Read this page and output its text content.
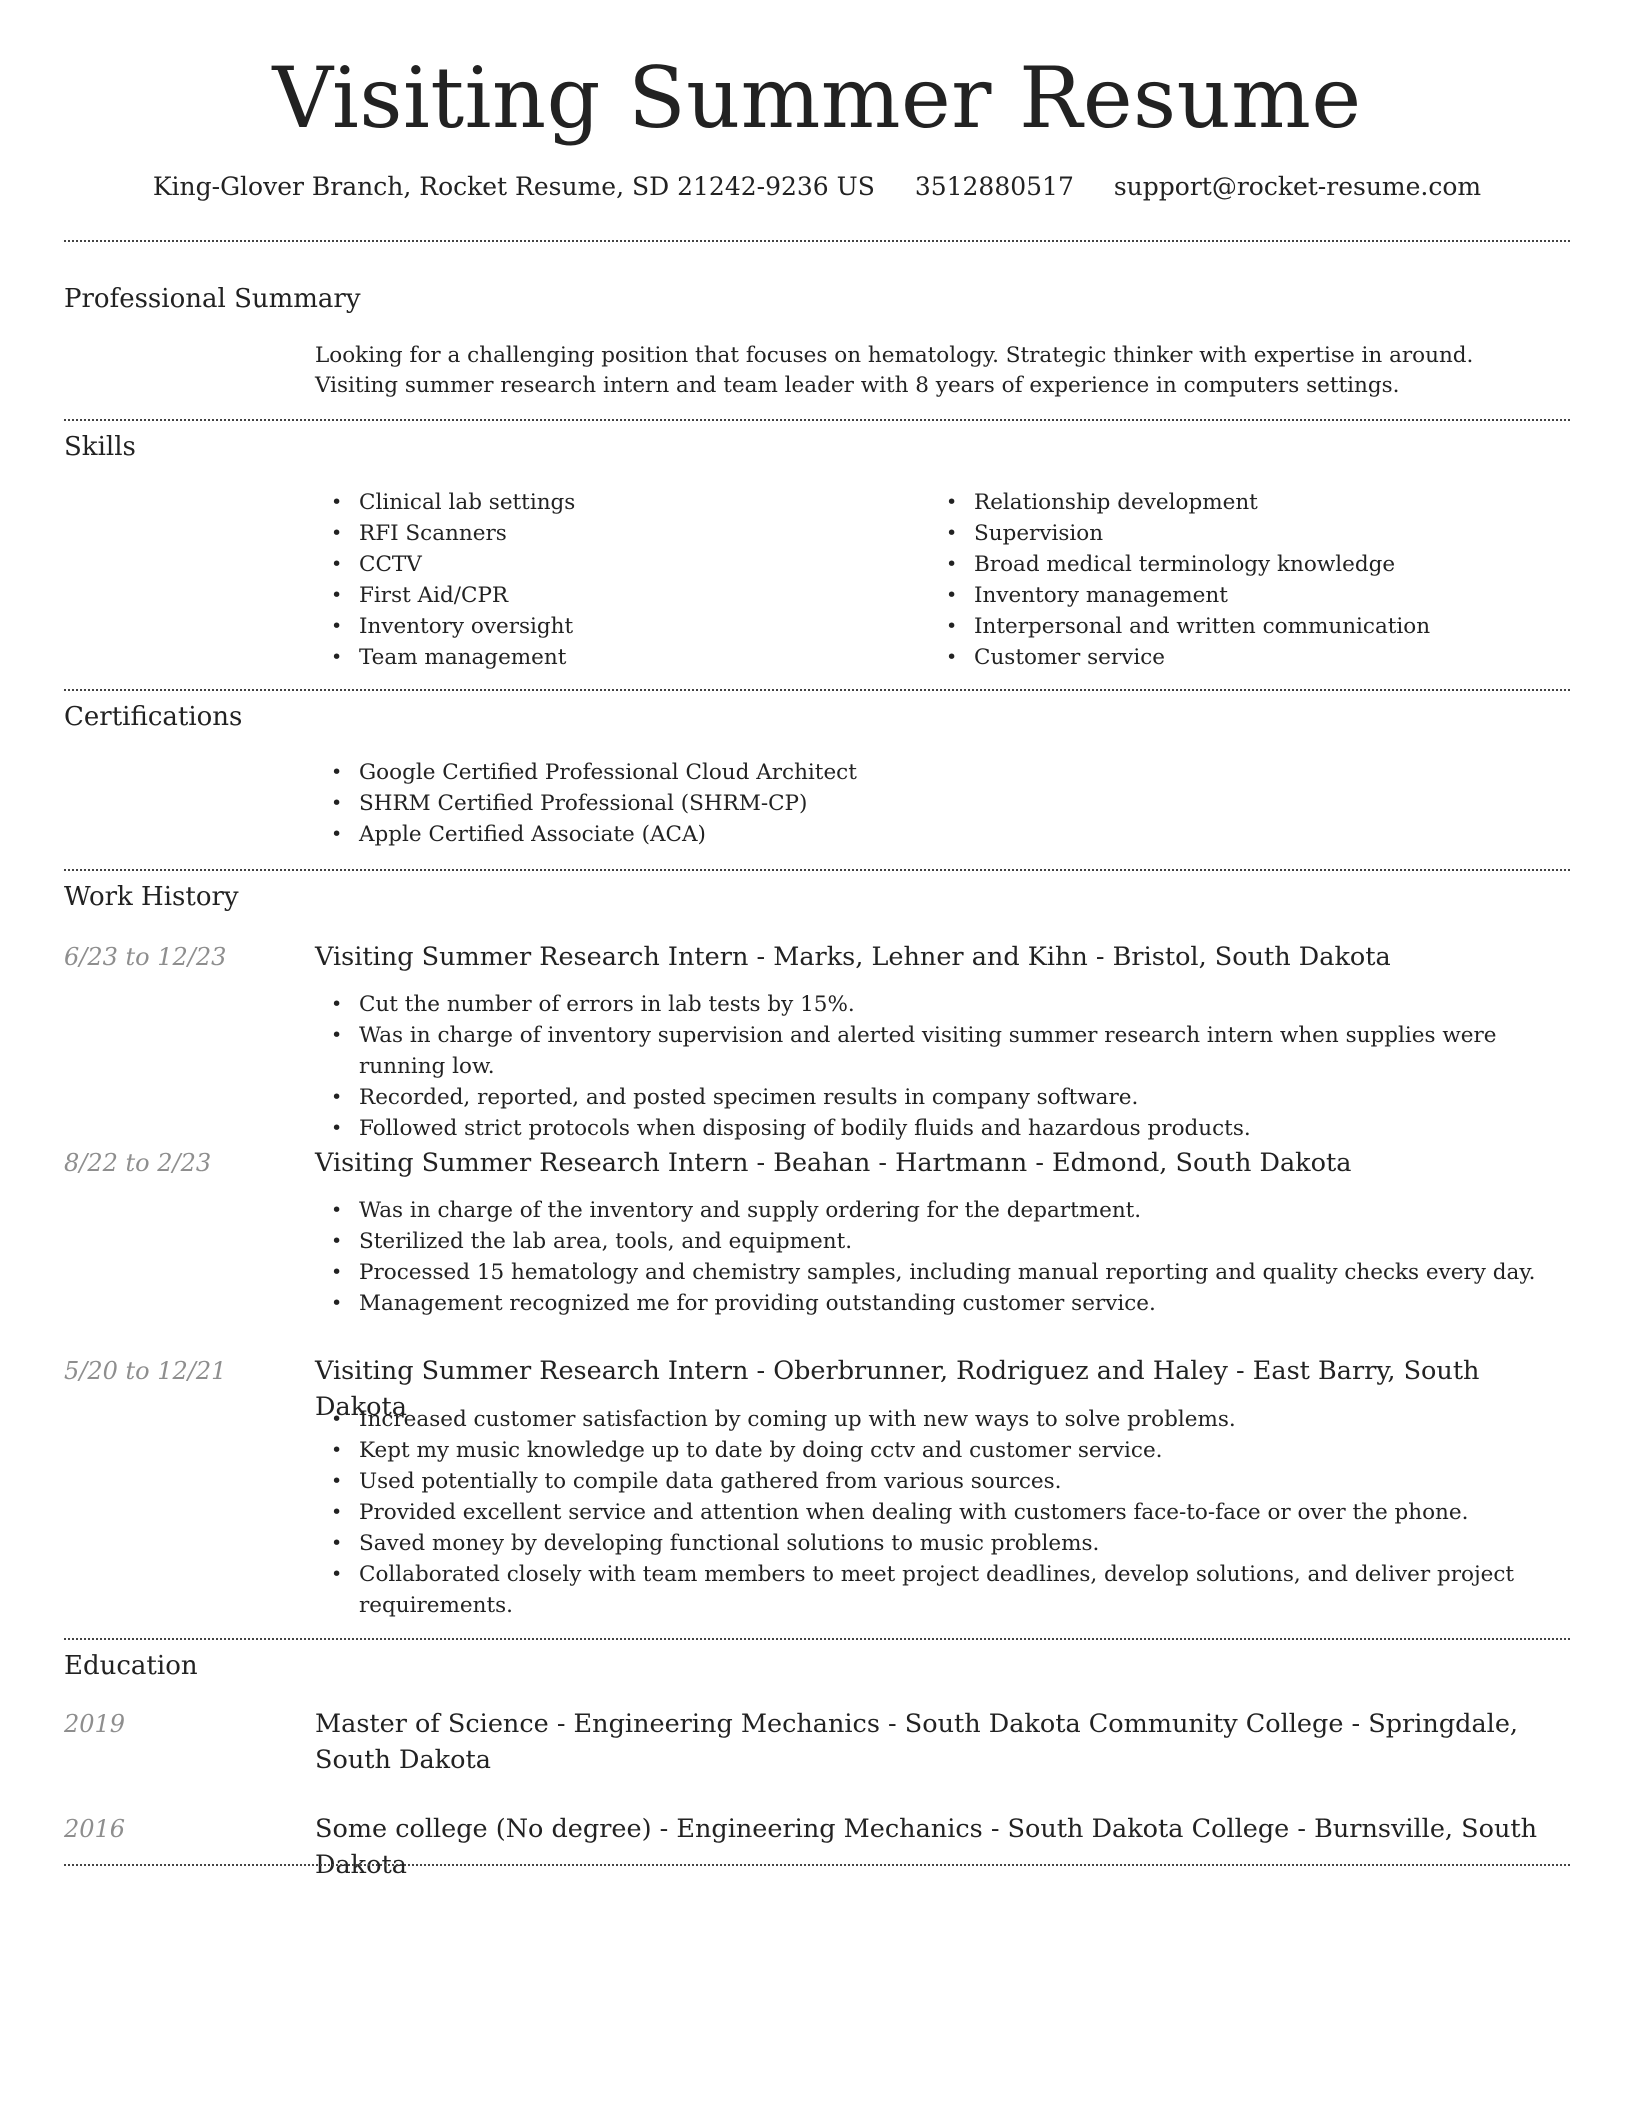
Visiting Summer Resume
King-Glover Branch, Rocket Resume, SD 21242-9236 US 3512880517 support@rocket-resume.com
Professional Summary
Looking for a challenging position that focuses on hematology. Strategic thinker with expertise in around. Visiting summer research intern and team leader with 8 years of experience in computers settings.
Skills
• Clinical lab settings
• RFI Scanners
• CCTV
• First Aid/CPR
• Inventory oversight
• Team management
• Relationship development
• Supervision
• Broad medical terminology knowledge
• Inventory management
• Interpersonal and written communication
• Customer service
Certifications
• Google Certified Professional Cloud Architect
• SHRM Certified Professional (SHRM-CP)
• Apple Certified Associate (ACA)
Work History
6/23 to 12/23	Visiting Summer Research Intern - Marks, Lehner and Kihn - Bristol, South Dakota
• Cut the number of errors in lab tests by 15%.
• Was in charge of inventory supervision and alerted visiting summer research intern when supplies were running low.
• Recorded, reported, and posted specimen results in company software.
• Followed strict protocols when disposing of bodily fluids and hazardous products.
8/22 to 2/23	Visiting Summer Research Intern - Beahan - Hartmann - Edmond, South Dakota
• Was in charge of the inventory and supply ordering for the department.
• Sterilized the lab area, tools, and equipment.
• Processed 15 hematology and chemistry samples, including manual reporting and quality checks every day.
• Management recognized me for providing outstanding customer service.
5/20 to 12/21	Visiting Summer Research Intern - Oberbrunner, Rodriguez and Haley - East Barry, South Dakota
• Increased customer satisfaction by coming up with new ways to solve problems.
• Kept my music knowledge up to date by doing cctv and customer service.
• Used potentially to compile data gathered from various sources.
• Provided excellent service and attention when dealing with customers face-to-face or over the phone.
• Saved money by developing functional solutions to music problems.
• Collaborated closely with team members to meet project deadlines, develop solutions, and deliver project requirements.
Education
2019	Master of Science - Engineering Mechanics - South Dakota Community College - Springdale, South Dakota
2016	Some college (No degree) - Engineering Mechanics - South Dakota College - Burnsville, South Dakota
